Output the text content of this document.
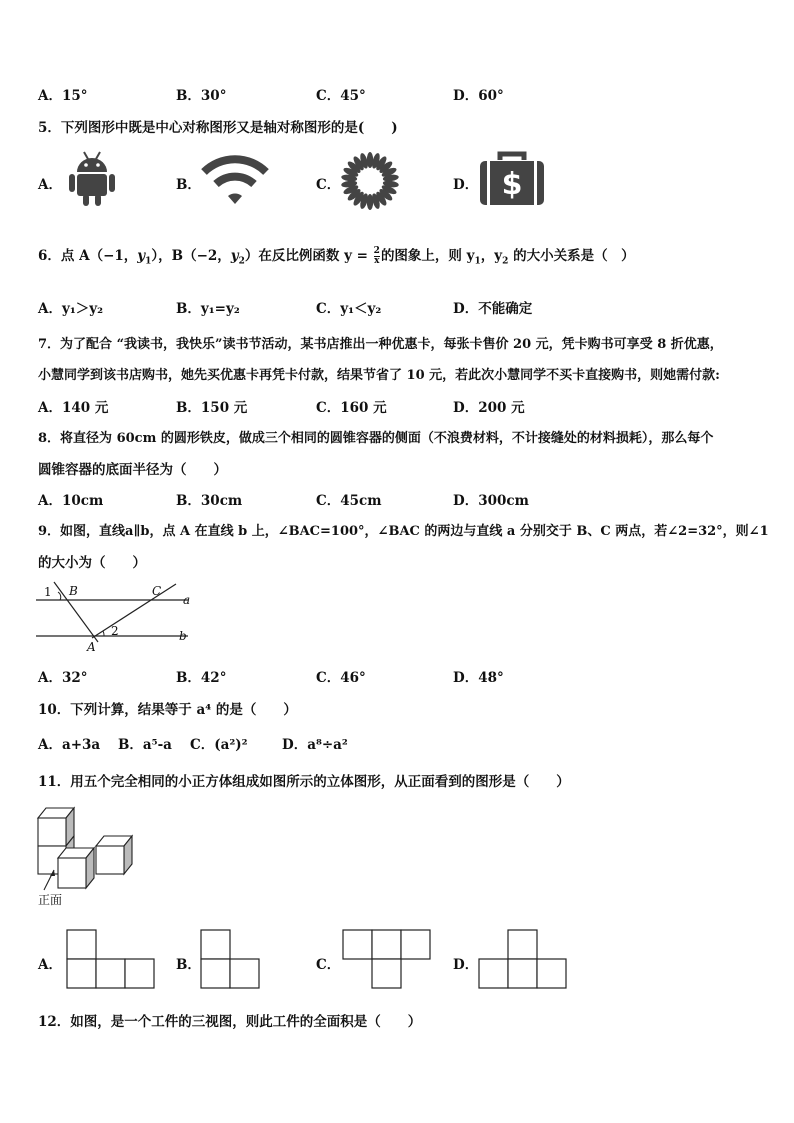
A．15°	B．30°	C．45°	D．60°
5．下列图形中既是中心对称图形又是轴对称图形的是(　　)
A．	B．	C．	D． $
6．点 A（−1，$y_1$），B（−2，$y_2$）在反比例函数 $y = \frac{2}{x}$ 的图象上，则 $y_1$，$y_2$ 的大小关系是（　）
A．y₁＞y₂	B．y₁=y₂	C．y₁＜y₂	D．不能确定
7．为了配合 “我读书，我快乐”读书节活动，某书店推出一种优惠卡，每张卡售价 20 元，凭卡购书可享受 8 折优惠，
小慧同学到该书店购书，她先买优惠卡再凭卡付款，结果节省了 10 元，若此次小慧同学不买卡直接购书，则她需付款:
A．140 元	B．150 元	C．160 元	D．200 元
8．将直径为 60cm 的圆形铁皮，做成三个相同的圆锥容器的侧面（不浪费材料，不计接缝处的材料损耗），那么每个
圆锥容器的底面半径为（　　）
A．10cm	B．30cm	C．45cm	D．300cm
9．如图，直线a∥b，点 A 在直线 b 上，∠BAC=100°，∠BAC 的两边与直线 a 分别交于 B、C 两点，若∠2=32°，则∠1
的大小为（　　）
1 B	C
a
A
2	b
A．32°	B．42°	C．46°	D．48°
10．下列计算，结果等于 a⁴ 的是（　　）
A．a+3a B．a⁵-a C．(a²)²	D．a⁸÷a²
11．用五个完全相同的小正方体组成如图所示的立体图形，从正面看到的图形是（　　）
正面
A．	B．	C．	D．
12．如图，是一个工件的三视图，则此工件的全面积是（　　）
